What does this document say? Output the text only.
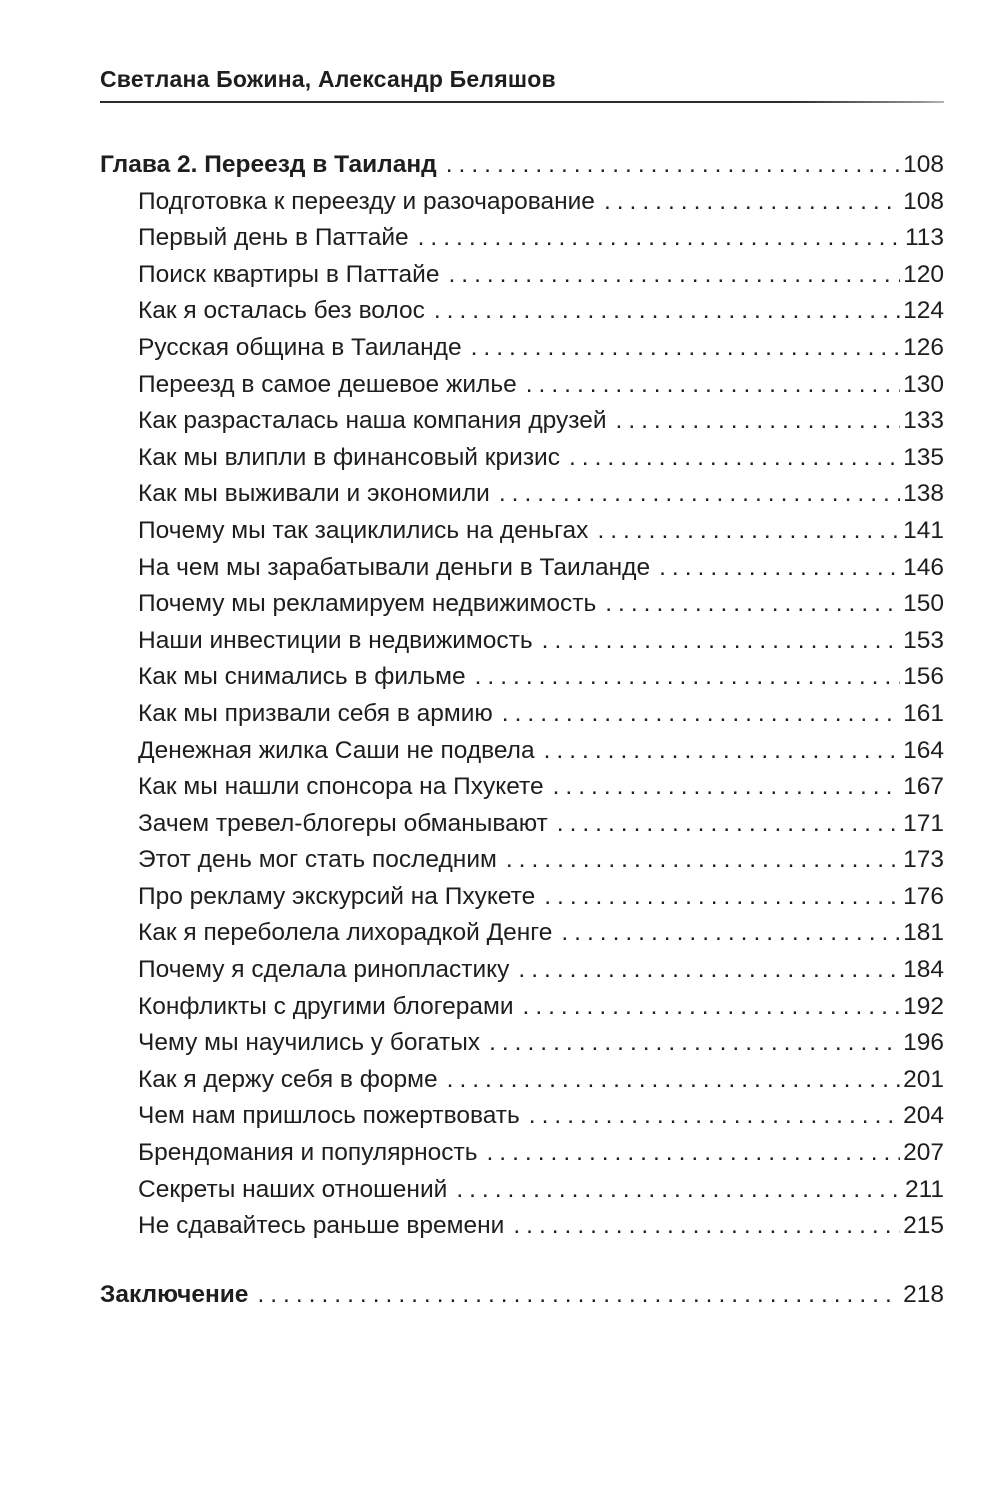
Светлана Божина, Александр Беляшов
Глава 2. Переезд в Таиланд .....	108
Подготовка к переезду и разочарование .....	108
Первый день в Паттайе .....	113
Поиск квартиры в Паттайе .....	120
Как я осталась без волос .....	124
Русская община в Таиланде .....	126
Переезд в самое дешевое жилье .....	130
Как разрасталась наша компания друзей .....	133
Как мы влипли в финансовый кризис .....	135
Как мы выживали и экономили .....	138
Почему мы так зациклились на деньгах .....	141
На чем мы зарабатывали деньги в Таиланде .....	146
Почему мы рекламируем недвижимость .....	150
Наши инвестиции в недвижимость .....	153
Как мы снимались в фильме .....	156
Как мы призвали себя в армию .....	161
Денежная жилка Саши не подвела .....	164
Как мы нашли спонсора на Пхукете .....	167
Зачем тревел-блогеры обманывают .....	171
Этот день мог стать последним .....	173
Про рекламу экскурсий на Пхукете .....	176
Как я переболела лихорадкой Денге .....	181
Почему я сделала ринопластику .....	184
Конфликты с другими блогерами .....	192
Чему мы научились у богатых .....	196
Как я держу себя в форме .....	201
Чем нам пришлось пожертвовать .....	204
Брендомания и популярность .....	207
Секреты наших отношений .....	211
Не сдавайтесь раньше времени .....	215
Заключение .....	218
